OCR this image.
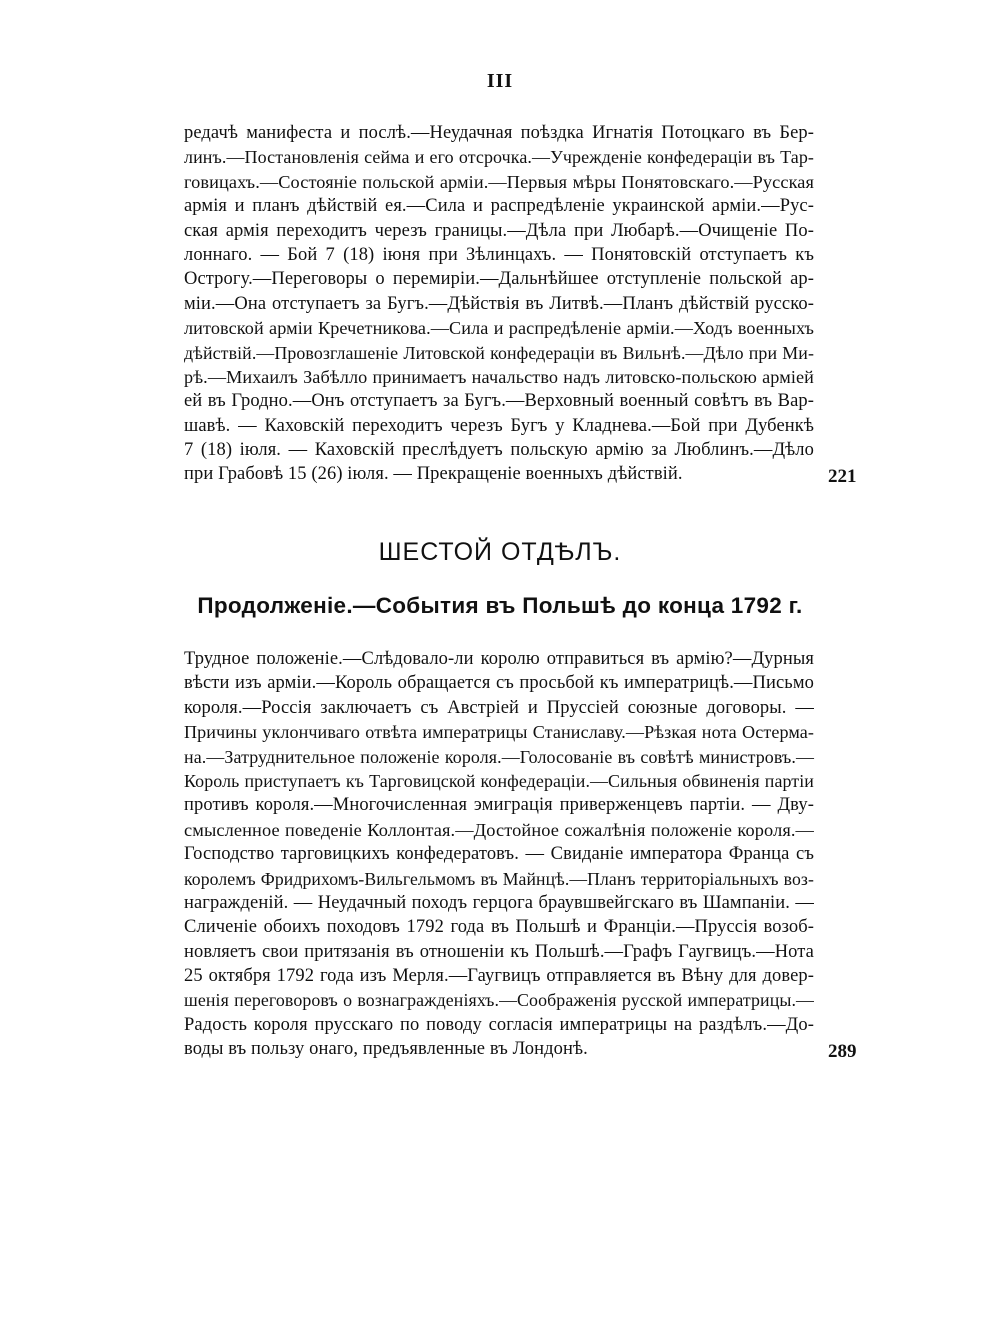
III
редачѣ манифеста и послѣ.—Неудачная поѣздка Игнатія Потоцкаго въ Бер-
линъ.—Постановленія сейма и его отсрочка.—Учрежденіе конфедераціи въ Тар-
говицахъ.—Состояніе польской арміи.—Первыя мѣры Понятовскаго.—Русская
армія и планъ дѣйствій ея.—Сила и распредѣленіе украинской арміи.—Рус-
ская армія переходитъ черезъ границы.—Дѣла при Любарѣ.—Очищеніе По-
лоннаго. — Бой 7 (18) іюня при Зѣлинцахъ. — Понятовскій отступаетъ къ
Острогу.—Переговоры о перемиріи.—Дальнѣйшее отступленіе польской ар-
міи.—Она отступаетъ за Бугъ.—Дѣйствія въ Литвѣ.—Планъ дѣйствій русско-
литовской арміи Кречетникова.—Сила и распредѣленіе арміи.—Ходъ военныхъ
дѣйствій.—Провозглашеніе Литовской конфедераціи въ Вильнѣ.—Дѣло при Ми-
рѣ.—Михаилъ Забѣлло принимаетъ начальство надъ литовско-польскою арміей
ей въ Гродно.—Онъ отступаетъ за Бугъ.—Верховный военный совѣтъ въ Вар-
шавѣ. — Каховскій переходитъ черезъ Бугъ у Кладнева.—Бой при Дубенкѣ
7 (18) іюля. — Каховскій преслѣдуетъ польскую армію за Люблинъ.—Дѣло
при Грабовѣ 15 (26) іюля. — Прекращеніе военныхъ дѣйствій.	221
ШЕСТОЙ ОТДѢЛЪ.
Продолженіе.—События въ Польшѣ до конца 1792 г.
Трудное положеніе.—Слѣдовало-ли королю отправиться въ армію?—Дурныя
вѣсти изъ арміи.—Король обращается съ просьбой къ императрицѣ.—Письмо
короля.—Россія заключаетъ съ Австріей и Пруссіей союзные договоры. —
Причины уклончиваго отвѣта императрицы Станиславу.—Рѣзкая нота Остерма-
на.—Затруднительное положеніе короля.—Голосованіе въ совѣтѣ министровъ.—
Король приступаетъ къ Тарговицской конфедераціи.—Сильныя обвиненія партіи
противъ короля.—Многочисленная эмиграція приверженцевъ партіи. — Дву-
смысленное поведеніе Коллонтая.—Достойное сожалѣнія положеніе короля.—
Господство тарговицкихъ конфедератовъ. — Свиданіе императора Франца съ
королемъ Фридрихомъ-Вильгельмомъ въ Майнцѣ.—Планъ территоріальныхъ воз-
награжденій. — Неудачный походъ герцога браувшвейгскаго въ Шампаніи. —
Сличеніе обоихъ походовъ 1792 года въ Польшѣ и Франціи.—Пруссія возоб-
новляетъ свои притязанія въ отношеніи къ Польшѣ.—Графъ Гаугвицъ.—Нота
25 октября 1792 года изъ Мерля.—Гаугвицъ отправляется въ Вѣну для довер-
шенія переговоровъ о вознагражденіяхъ.—Соображенія русской императрицы.—
Радость короля прусскаго по поводу согласія императрицы на раздѣлъ.—До-
воды въ пользу онаго, предъявленные въ Лондонѣ.	289
